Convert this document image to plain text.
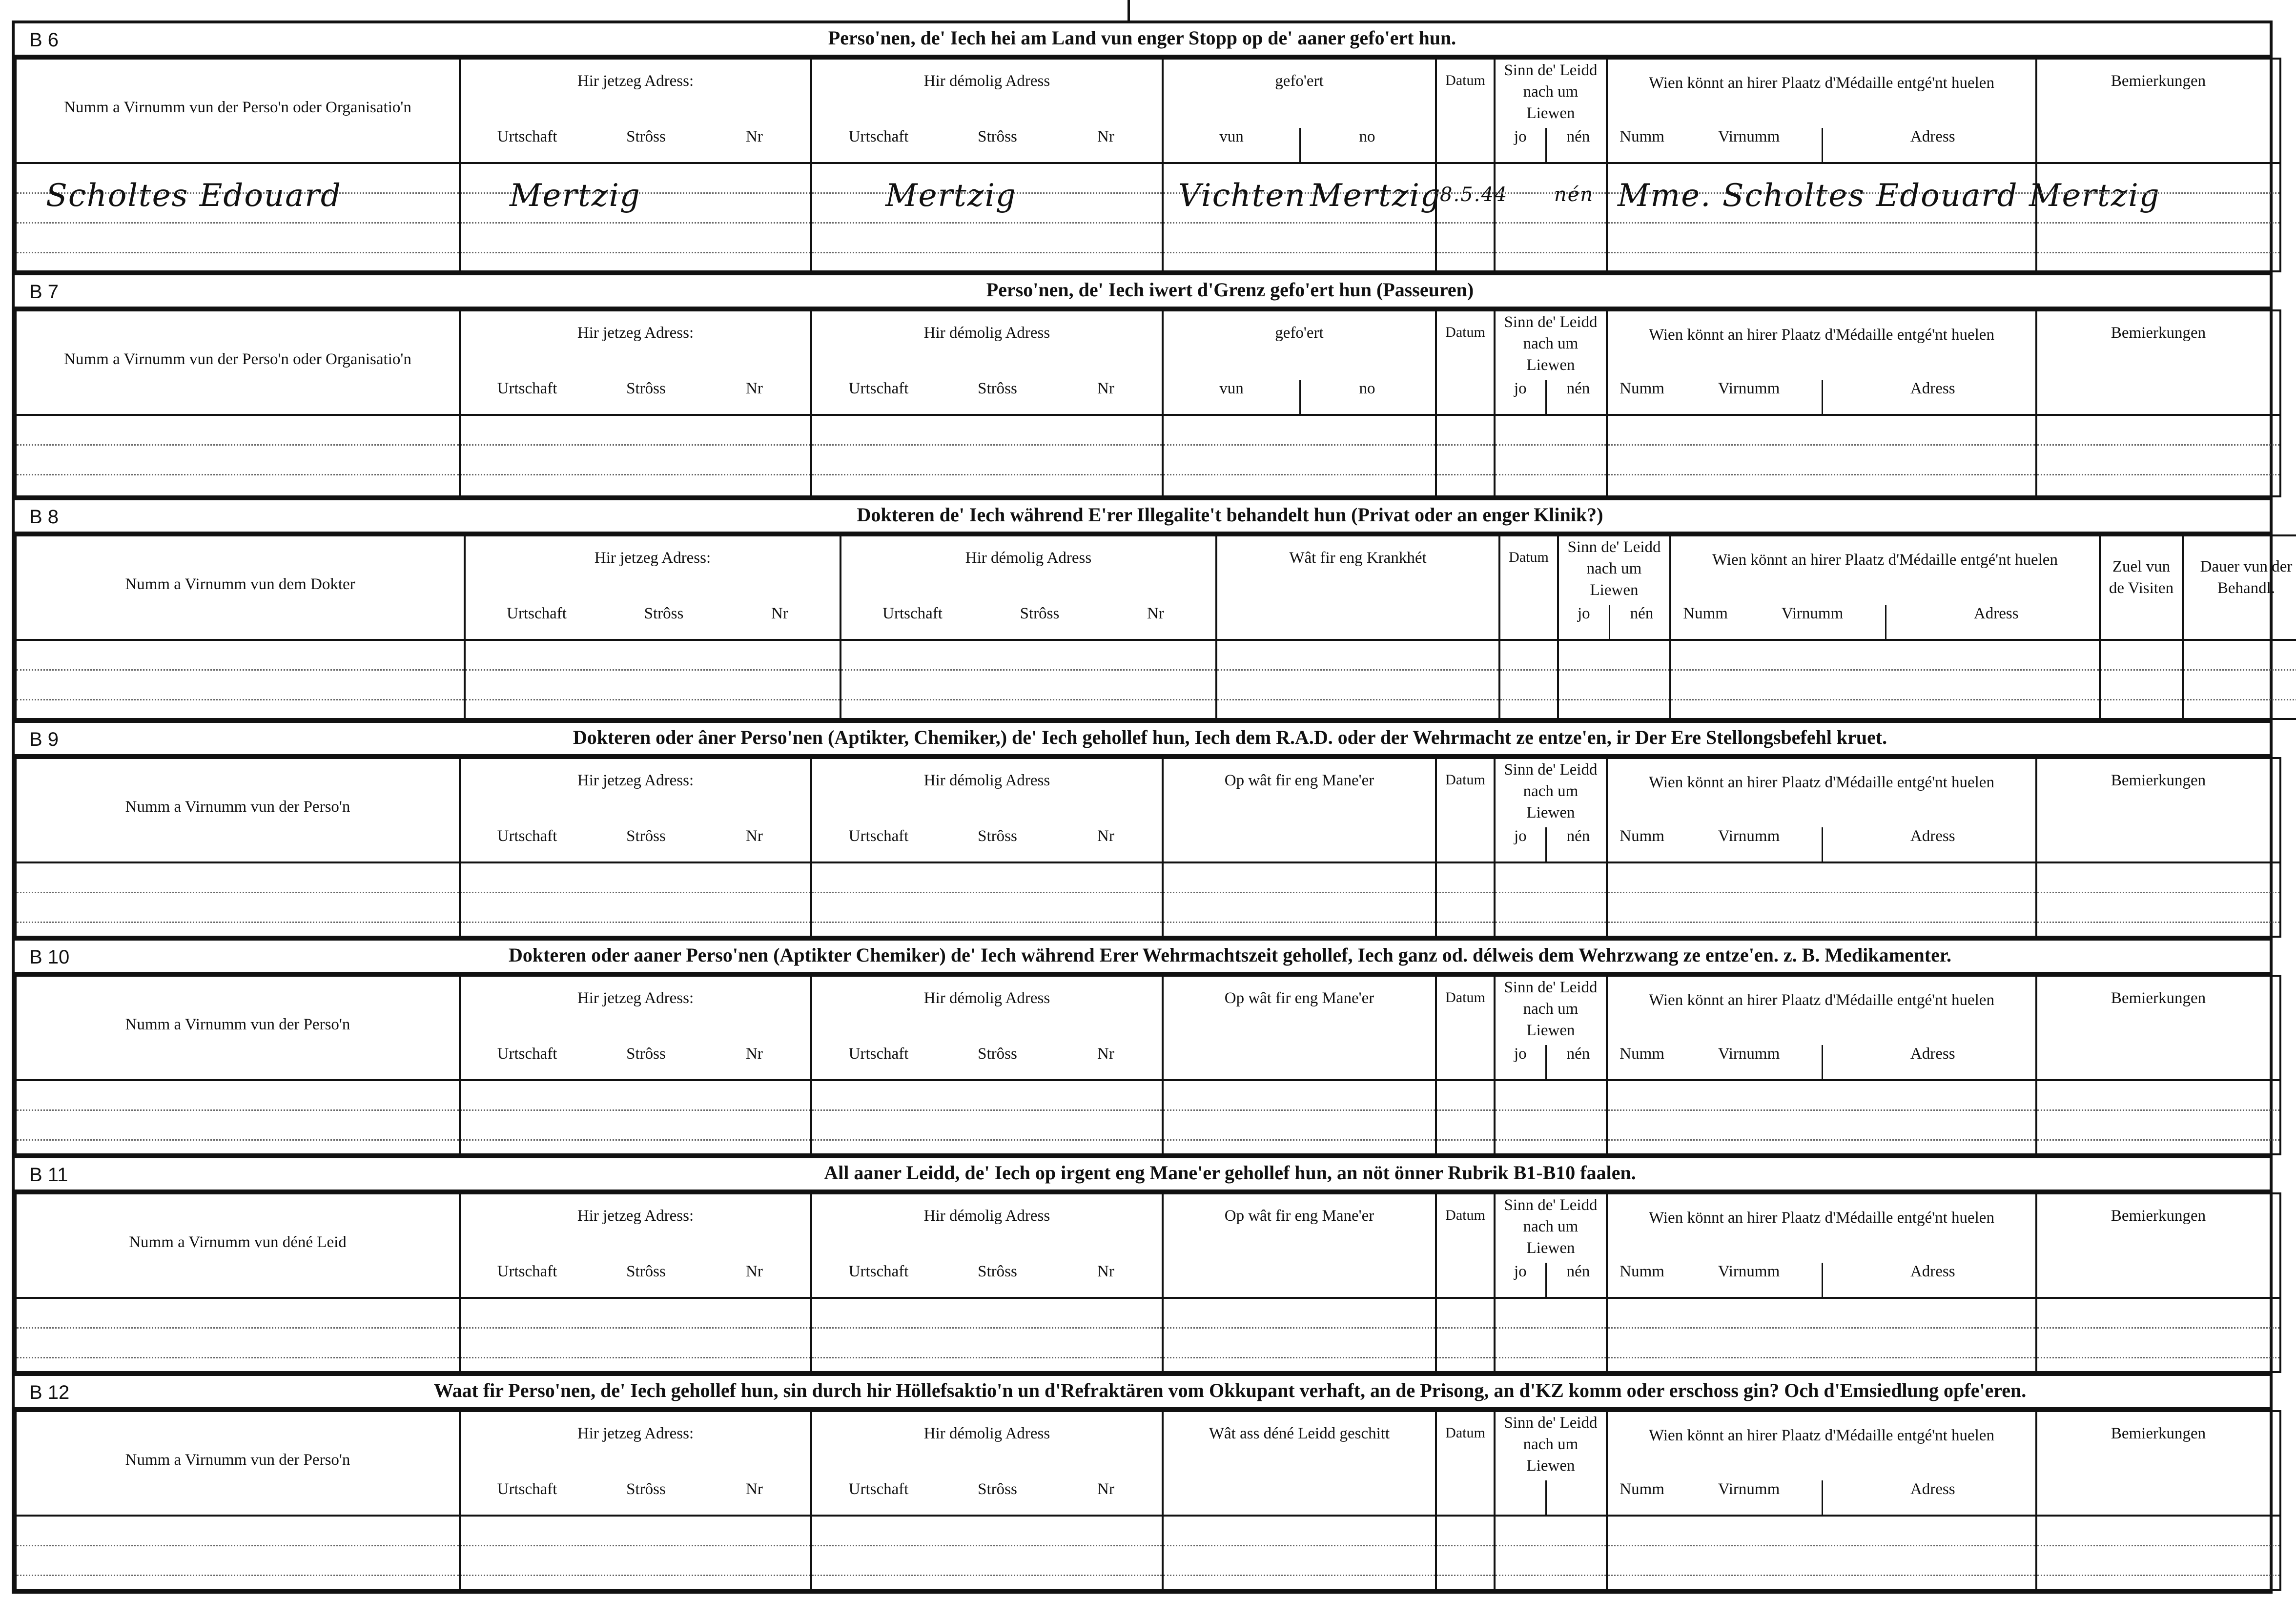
B 6	Perso'nen, de' Iech hei am Land vun enger Stopp op de' aaner gefo'ert hun.
Numm a Virnumm vun der Perso'n oder Organisatio'n	Hir jetzeg Adress:
Urtschaft Strôss Nr	Hir démolig Adress
Urtschaft Strôss Nr	gefo'ert
vun no	Datum	Sinn de' Leidd nach um Liewen
jo nén	Wien könnt an hirer Plaatz d'Médaille entgé'nt huelen
Numm Virnumm Adress	Bemierkungen

Scholtes Edouard	Mertzig	Mertzig	Vichten Mertzig	8.5.44	nén	Mme. Scholtes Edouard Mertzig	

B 7	Perso'nen, de' Iech iwert d'Grenz gefo'ert hun (Passeuren)
Numm a Virnumm vun der Perso'n oder Organisatio'n	Hir jetzeg Adress:
Urtschaft Strôss Nr	Hir démolig Adress
Urtschaft Strôss Nr	gefo'ert
vun no	Datum	Sinn de' Leidd nach um Liewen
jo nén	Wien könnt an hirer Plaatz d'Médaille entgé'nt huelen
Numm Virnumm Adress	Bemierkungen

B 8	Dokteren de' Iech während E'rer Illegalite't behandelt hun (Privat oder an enger Klinik?)
Numm a Virnumm vun dem Dokter	Hir jetzeg Adress:
Urtschaft Strôss Nr	Hir démolig Adress
Urtschaft Strôss Nr	Wât fir eng Krankhét	Datum	Sinn de' Leidd nach um Liewen
jo nén	Wien könnt an hirer Plaatz d'Médaille entgé'nt huelen
Numm Virnumm Adress	Zuel vun de Visiten	Dauer vun der Behandl.

B 9	Dokteren oder âner Perso'nen (Aptikter, Chemiker,) de' Iech gehollef hun, Iech dem R.A.D. oder der Wehrmacht ze entze'en, ir Der Ere Stellongsbefehl kruet.
Numm a Virnumm vun der Perso'n	Hir jetzeg Adress:
Urtschaft Strôss Nr	Hir démolig Adress
Urtschaft Strôss Nr	Op wât fir eng Mane'er	Datum	Sinn de' Leidd nach um Liewen
jo nén	Wien könnt an hirer Plaatz d'Médaille entgé'nt huelen
Numm Virnumm Adress	Bemierkungen

B 10	Dokteren oder aaner Perso'nen (Aptikter Chemiker) de' Iech während Erer Wehrmachtszeit gehollef, Iech ganz od. délweis dem Wehrzwang ze entze'en. z. B. Medikamenter.
Numm a Virnumm vun der Perso'n	Hir jetzeg Adress:
Urtschaft Strôss Nr	Hir démolig Adress
Urtschaft Strôss Nr	Op wât fir eng Mane'er	Datum	Sinn de' Leidd nach um Liewen
jo nén	Wien könnt an hirer Plaatz d'Médaille entgé'nt huelen
Numm Virnumm Adress	Bemierkungen

B 11	All aaner Leidd, de' Iech op irgent eng Mane'er gehollef hun, an nöt önner Rubrik B1-B10 faalen.
Numm a Virnumm vun déné Leid	Hir jetzeg Adress:
Urtschaft Strôss Nr	Hir démolig Adress
Urtschaft Strôss Nr	Op wât fir eng Mane'er	Datum	Sinn de' Leidd nach um Liewen
jo nén	Wien könnt an hirer Plaatz d'Médaille entgé'nt huelen
Numm Virnumm Adress	Bemierkungen

B 12	Waat fir Perso'nen, de' Iech gehollef hun, sin durch hir Höllefsaktio'n un d'Refraktären vom Okkupant verhaft, an de Prisong, an d'KZ komm oder erschoss gin? Och d'Emsiedlung opfe'eren.
Numm a Virnumm vun der Perso'n	Hir jetzeg Adress:
Urtschaft Strôss Nr	Hir démolig Adress
Urtschaft Strôss Nr	Wât ass déné Leidd geschitt	Datum	Sinn de' Leidd nach um Liewen	Wien könnt an hirer Plaatz d'Médaille entgé'nt huelen
Numm Virnumm Adress	Bemierkungen
